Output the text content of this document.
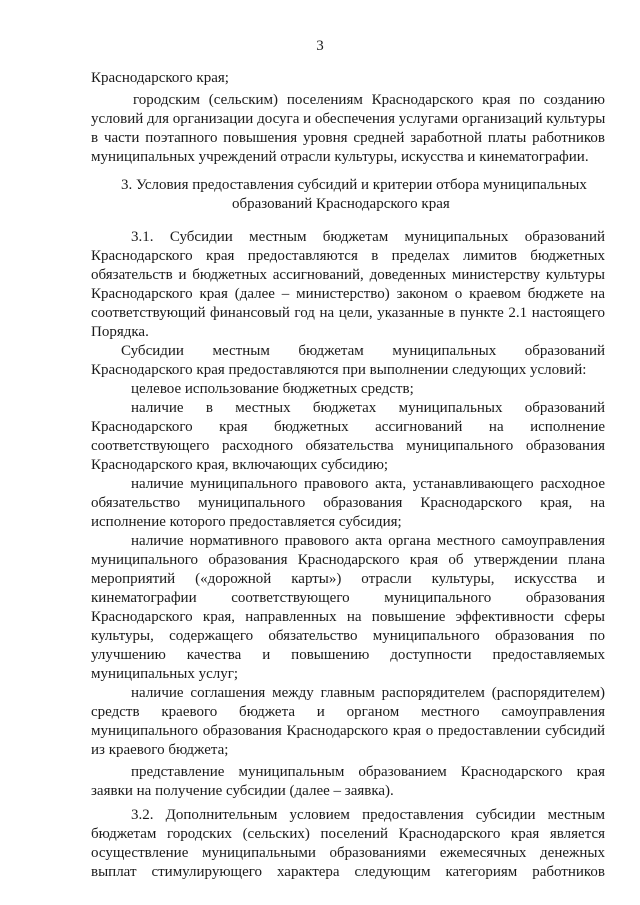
3
Краснодарского края;
городским (сельским) поселениям Краснодарского края по созданию
условий для организации досуга и обеспечения услугами организаций культуры
в части поэтапного повышения уровня средней заработной платы работников
муниципальных учреждений отрасли культуры, искусства и кинематографии.
3. Условия предоставления субсидий и критерии отбора муниципальных
образований Краснодарского края
3.1. Субсидии местным бюджетам муниципальных образований
Краснодарского края предоставляются в пределах лимитов бюджетных
обязательств и бюджетных ассигнований, доведенных министерству культуры
Краснодарского края (далее – министерство) законом о краевом бюджете на
соответствующий финансовый год на цели, указанные в пункте 2.1 настоящего
Порядка.
Субсидии местным бюджетам муниципальных образований
Краснодарского края предоставляются при выполнении следующих условий:
целевое использование бюджетных средств;
наличие в местных бюджетах муниципальных образований
Краснодарского края бюджетных ассигнований на исполнение
соответствующего расходного обязательства муниципального образования
Краснодарского края, включающих субсидию;
наличие муниципального правового акта, устанавливающего расходное
обязательство муниципального образования Краснодарского края, на
исполнение которого предоставляется субсидия;
наличие нормативного правового акта органа местного самоуправления
муниципального образования Краснодарского края об утверждении плана
мероприятий («дорожной карты») отрасли культуры, искусства и
кинематографии соответствующего муниципального образования
Краснодарского края, направленных на повышение эффективности сферы
культуры, содержащего обязательство муниципального образования по
улучшению качества и повышению доступности предоставляемых
муниципальных услуг;
наличие соглашения между главным распорядителем (распорядителем)
средств краевого бюджета и органом местного самоуправления
муниципального образования Краснодарского края о предоставлении субсидий
из краевого бюджета;
представление муниципальным образованием Краснодарского края
заявки на получение субсидии (далее – заявка).
3.2. Дополнительным условием предоставления субсидии местным
бюджетам городских (сельских) поселений Краснодарского края является
осуществление муниципальными образованиями ежемесячных денежных
выплат стимулирующего характера следующим категориям работников
